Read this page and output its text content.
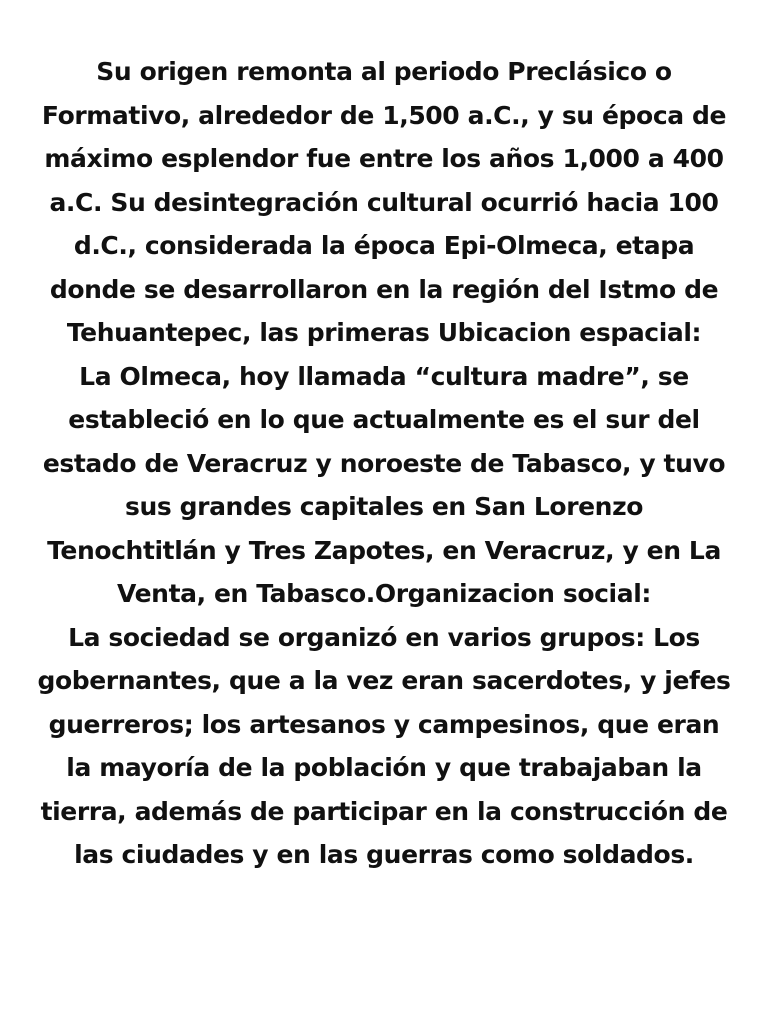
Su origen remonta al periodo Preclásico o
Formativo, alrededor de 1,500 a.C., y su época de
máximo esplendor fue entre los años 1,000 a 400
a.C. Su desintegración cultural ocurrió hacia 100
d.C., considerada la época Epi-Olmeca, etapa
donde se desarrollaron en la región del Istmo de
Tehuantepec, las primeras Ubicacion espacial:
La Olmeca, hoy llamada “cultura madre”, se
estableció en lo que actualmente es el sur del
estado de Veracruz y noroeste de Tabasco, y tuvo
sus grandes capitales en San Lorenzo
Tenochtitlán y Tres Zapotes, en Veracruz, y en La
Venta, en Tabasco.Organizacion social:
La sociedad se organizó en varios grupos: Los
gobernantes, que a la vez eran sacerdotes, y jefes
guerreros; los artesanos y campesinos, que eran
la mayoría de la población y que trabajaban la
tierra, además de participar en la construcción de
las ciudades y en las guerras como soldados.
